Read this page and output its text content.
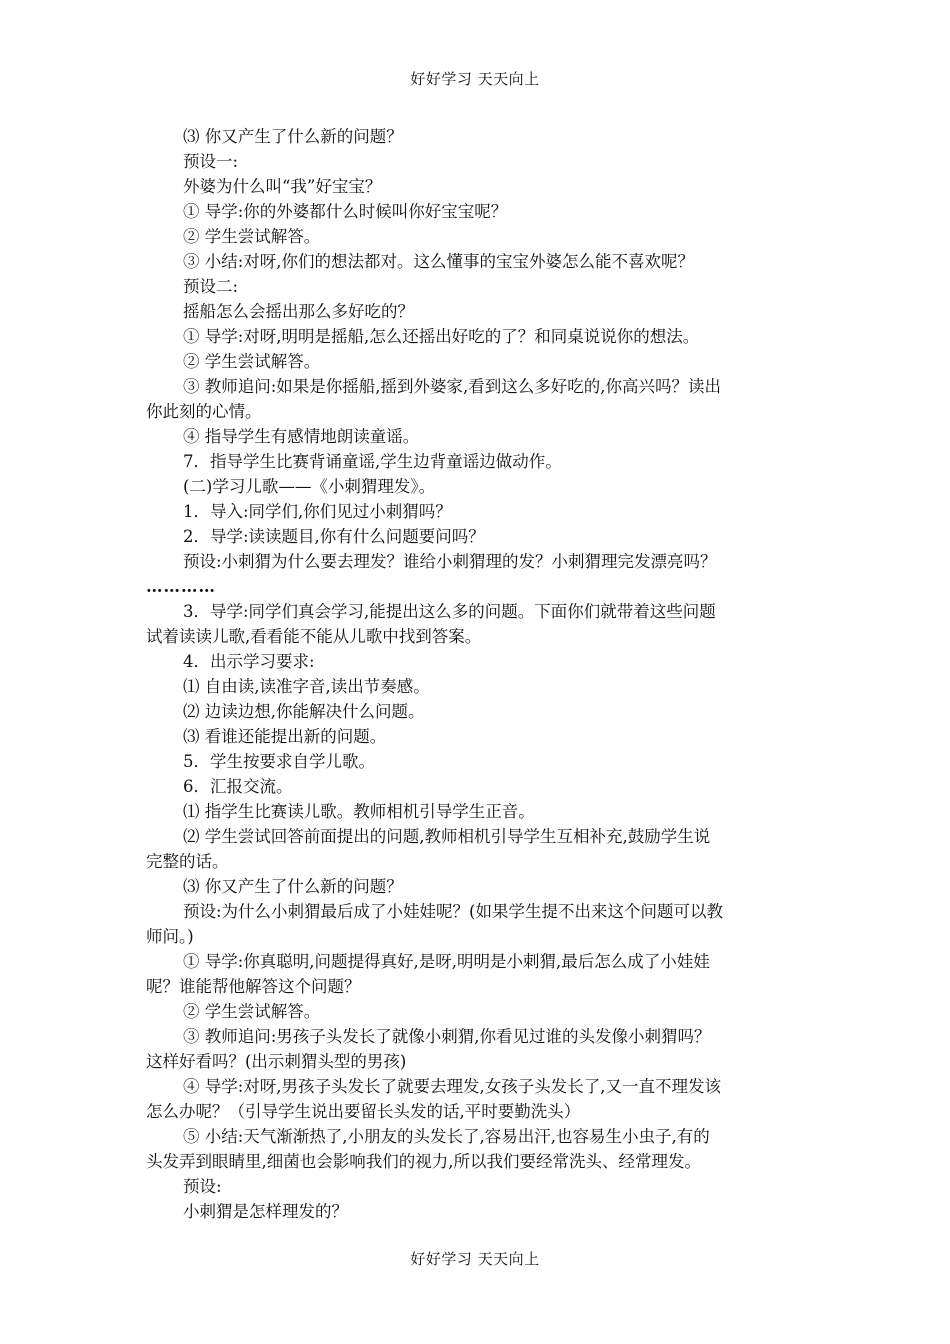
好好学习 天天向上
⑶ 你又产生了什么新的问题？
预设一:
外婆为什么叫“我”好宝宝？
① 导学:你的外婆都什么时候叫你好宝宝呢？
② 学生尝试解答。
③ 小结:对呀,你们的想法都对。这么懂事的宝宝外婆怎么能不喜欢呢？
预设二:
摇船怎么会摇出那么多好吃的？
① 导学:对呀,明明是摇船,怎么还摇出好吃的了？和同桌说说你的想法。
② 学生尝试解答。
③ 教师追问:如果是你摇船,摇到外婆家,看到这么多好吃的,你高兴吗？读出
你此刻的心情。
④ 指导学生有感情地朗读童谣。
7．指导学生比赛背诵童谣,学生边背童谣边做动作。
(二)学习儿歌——《小刺猬理发》。
1．导入:同学们,你们见过小刺猬吗？
2．导学:读读题目,你有什么问题要问吗？
预设:小刺猬为什么要去理发？谁给小刺猬理的发？小刺猬理完发漂亮吗？
…………
3．导学:同学们真会学习,能提出这么多的问题。下面你们就带着这些问题
试着读读儿歌,看看能不能从儿歌中找到答案。
4．出示学习要求:
⑴ 自由读,读准字音,读出节奏感。
⑵ 边读边想,你能解决什么问题。
⑶ 看谁还能提出新的问题。
5．学生按要求自学儿歌。
6．汇报交流。
⑴ 指学生比赛读儿歌。教师相机引导学生正音。
⑵ 学生尝试回答前面提出的问题,教师相机引导学生互相补充,鼓励学生说
完整的话。
⑶ 你又产生了什么新的问题？
预设:为什么小刺猬最后成了小娃娃呢？(如果学生提不出来这个问题可以教
师问。)
① 导学:你真聪明,问题提得真好,是呀,明明是小刺猬,最后怎么成了小娃娃
呢？谁能帮他解答这个问题？
② 学生尝试解答。
③ 教师追问:男孩子头发长了就像小刺猬,你看见过谁的头发像小刺猬吗？
这样好看吗？(出示刺猬头型的男孩)
④ 导学:对呀,男孩子头发长了就要去理发,女孩子头发长了,又一直不理发该
怎么办呢？（引导学生说出要留长头发的话,平时要勤洗头）
⑤ 小结:天气渐渐热了,小朋友的头发长了,容易出汗,也容易生小虫子,有的
头发弄到眼睛里,细菌也会影响我们的视力,所以我们要经常洗头、经常理发。
预设:
小刺猬是怎样理发的？
好好学习 天天向上
